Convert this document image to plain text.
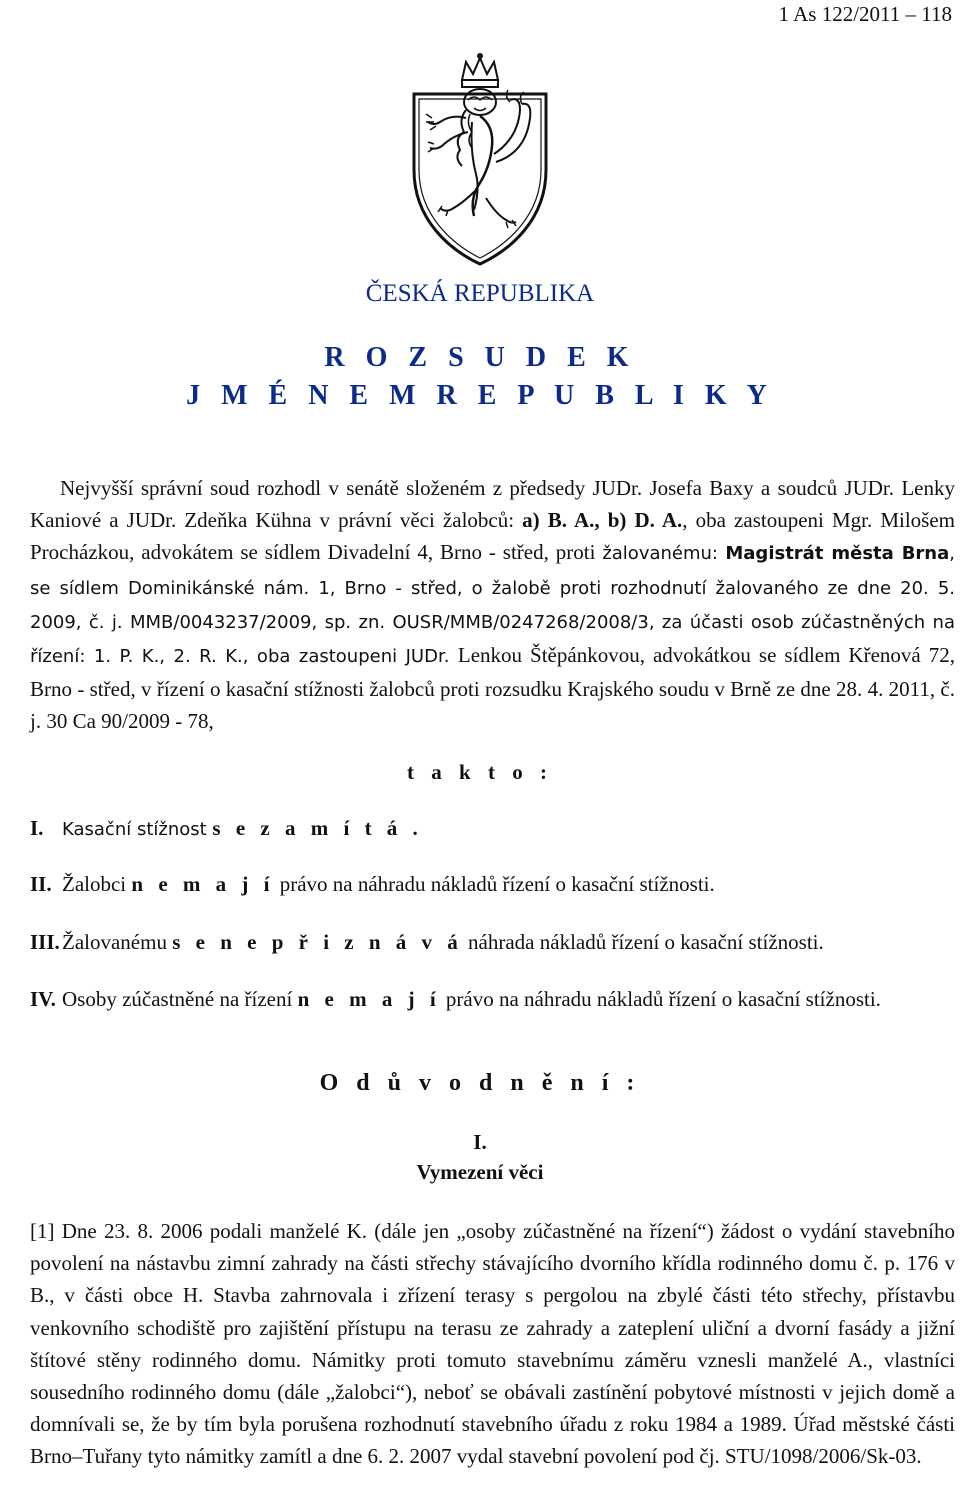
1 As 122/2011 – 118
ČESKÁ REPUBLIKA
R O Z S U D E K
J M É N E M R E P U B L I K Y
Nejvyšší správní soud rozhodl v senátě složeném z předsedy JUDr. Josefa Baxy a soudců JUDr. Lenky Kaniové a JUDr. Zdeňka Kühna v právní věci žalobců: a) B. A., b) D. A., oba zastoupeni Mgr. Milošem Procházkou, advokátem se sídlem Divadelní 4, Brno - střed, proti žalovanému: Magistrát města Brna, se sídlem Dominikánské nám. 1, Brno - střed, o žalobě proti rozhodnutí žalovaného ze dne 20. 5. 2009, č. j. MMB/0043237/2009, sp. zn. OUSR/MMB/0247268/2008/3, za účasti osob zúčastněných na řízení: 1. P. K., 2. R. K., oba zastoupeni JUDr. Lenkou Štěpánkovou, advokátkou se sídlem Křenová 72, Brno - střed, v řízení o kasační stížnosti žalobců proti rozsudku Krajského soudu v Brně ze dne 28. 4. 2011, č. j. 30 Ca 90/2009 - 78,
t a k t o :
I. Kasační stížnost s e z a m í t á .
II. Žalobci n e m a j í právo na náhradu nákladů řízení o kasační stížnosti.
III. Žalovanému s e n e p ř i z n á v á náhrada nákladů řízení o kasační stížnosti.
IV. Osoby zúčastněné na řízení n e m a j í právo na náhradu nákladů řízení o kasační stížnosti.
O d ů v o d n ě n í :
I.
Vymezení věci
[1] Dne 23. 8. 2006 podali manželé K. (dále jen „osoby zúčastněné na řízení“) žádost o vydání stavebního povolení na nástavbu zimní zahrady na části střechy stávajícího dvorního křídla rodinného domu č. p. 176 v B., v části obce H. Stavba zahrnovala i zřízení terasy s pergolou na zbylé části této střechy, přístavbu venkovního schodiště pro zajištění přístupu na terasu ze zahrady a zateplení uliční a dvorní fasády a jižní štítové stěny rodinného domu. Námitky proti tomuto stavebnímu záměru vznesli manželé A., vlastníci sousedního rodinného domu (dále „žalobci“), neboť se obávali zastínění pobytové místnosti v jejich domě a domnívali se, že by tím byla porušena rozhodnutí stavebního úřadu z roku 1984 a 1989. Úřad městské části Brno–Tuřany tyto námitky zamítl a dne 6. 2. 2007 vydal stavební povolení pod čj. STU/1098/2006/Sk-03.
